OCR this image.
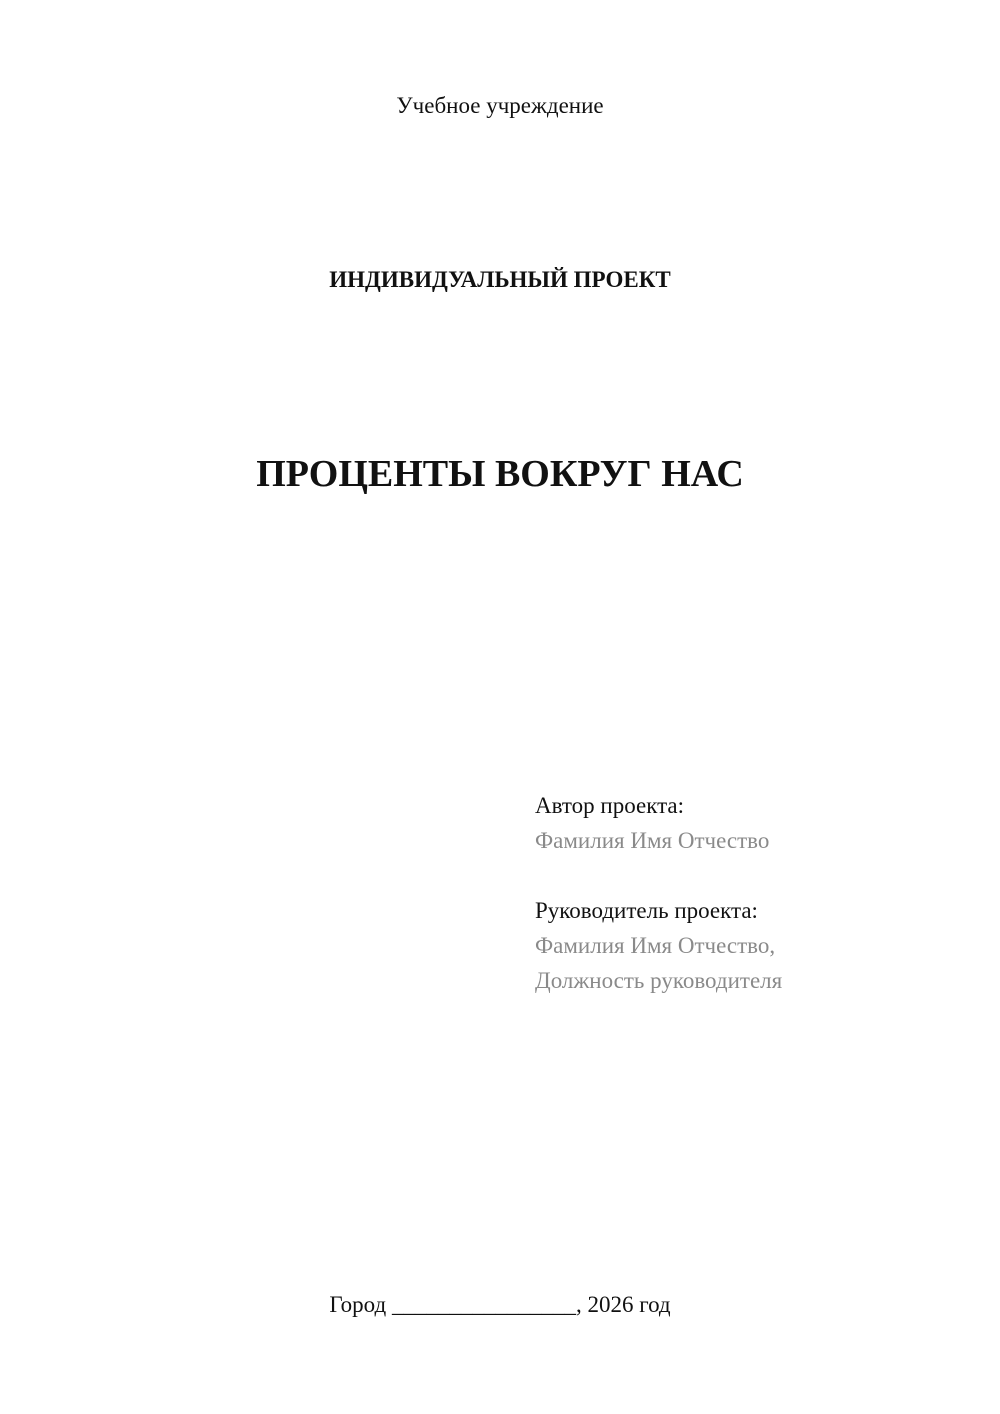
Учебное учреждение
ИНДИВИДУАЛЬНЫЙ ПРОЕКТ
ПРОЦЕНТЫ ВОКРУГ НАС
Автор проекта:
Фамилия Имя Отчество
Руководитель проекта:
Фамилия Имя Отчество,
Должность руководителя
Город ________________, 2026 год
